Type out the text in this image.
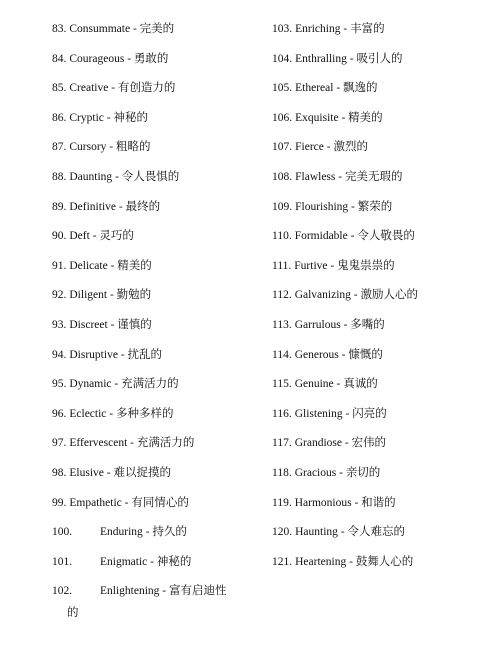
83. Consummate - 完美的
84. Courageous - 勇敢的
85. Creative - 有创造力的
86. Cryptic - 神秘的
87. Cursory - 粗略的
88. Daunting - 令人畏惧的
89. Definitive - 最终的
90. Deft - 灵巧的
91. Delicate - 精美的
92. Diligent - 勤勉的
93. Discreet - 谨慎的
94. Disruptive - 扰乱的
95. Dynamic - 充满活力的
96. Eclectic - 多种多样的
97. Effervescent - 充满活力的
98. Elusive - 难以捉摸的
99. Empathetic - 有同情心的
100. Enduring - 持久的
101. Enigmatic - 神秘的
102. Enlightening - 富有启迪性
的
103. Enriching - 丰富的
104. Enthralling - 吸引人的
105. Ethereal - 飘逸的
106. Exquisite - 精美的
107. Fierce - 激烈的
108. Flawless - 完美无瑕的
109. Flourishing - 繁荣的
110. Formidable - 令人敬畏的
111. Furtive - 鬼鬼祟祟的
112. Galvanizing - 激励人心的
113. Garrulous - 多嘴的
114. Generous - 慷慨的
115. Genuine - 真诚的
116. Glistening - 闪亮的
117. Grandiose - 宏伟的
118. Gracious - 亲切的
119. Harmonious - 和谐的
120. Haunting - 令人难忘的
121. Heartening - 鼓舞人心的
